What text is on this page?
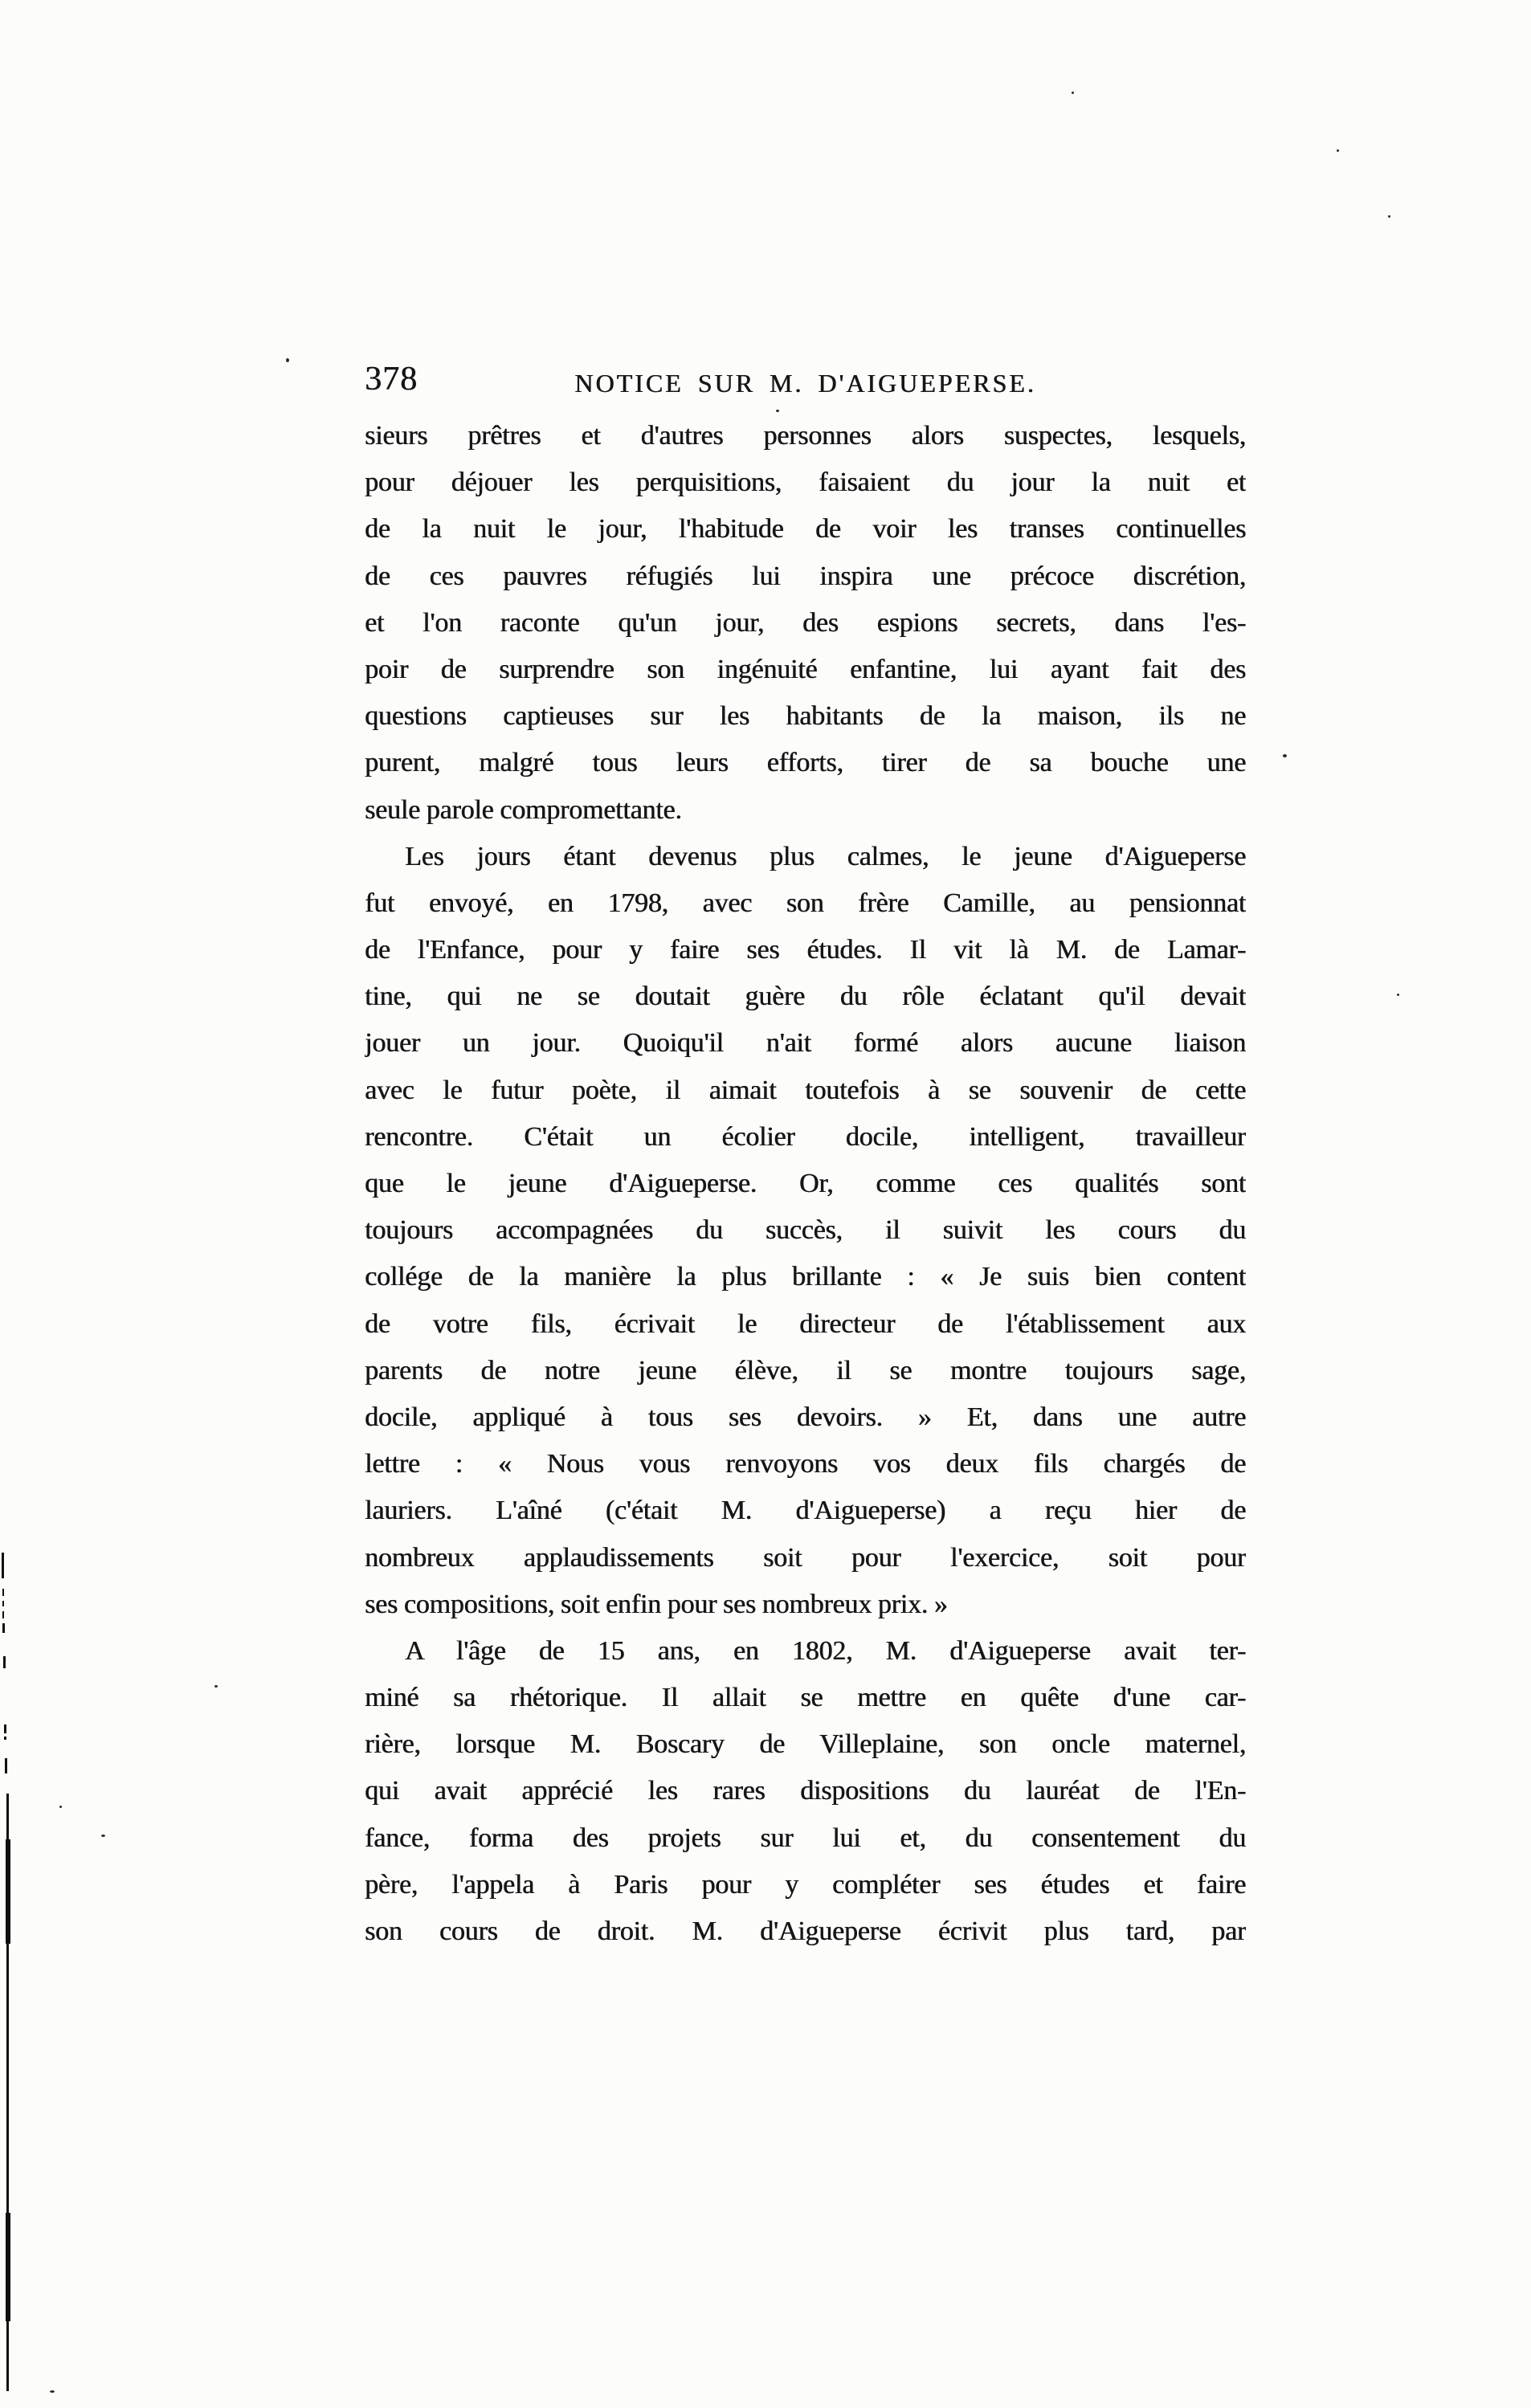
378	NOTICE SUR M. D'AIGUEPERSE.
sieurs prêtres et d'autres personnes alors suspectes, lesquels,
pour déjouer les perquisitions, faisaient du jour la nuit et
de la nuit le jour, l'habitude de voir les transes continuelles
de ces pauvres réfugiés lui inspira une précoce discrétion,
et l'on raconte qu'un jour, des espions secrets, dans l'es-
poir de surprendre son ingénuité enfantine, lui ayant fait des
questions captieuses sur les habitants de la maison, ils ne
purent, malgré tous leurs efforts, tirer de sa bouche une
seule parole compromettante.
Les jours étant devenus plus calmes, le jeune d'Aigueperse
fut envoyé, en 1798, avec son frère Camille, au pensionnat
de l'Enfance, pour y faire ses études. Il vit là M. de Lamar-
tine, qui ne se doutait guère du rôle éclatant qu'il devait
jouer un jour. Quoiqu'il n'ait formé alors aucune liaison
avec le futur poète, il aimait toutefois à se souvenir de cette
rencontre. C'était un écolier docile, intelligent, travailleur
que le jeune d'Aigueperse. Or, comme ces qualités sont
toujours accompagnées du succès, il suivit les cours du
collége de la manière la plus brillante : « Je suis bien content
de votre fils, écrivait le directeur de l'établissement aux
parents de notre jeune élève, il se montre toujours sage,
docile, appliqué à tous ses devoirs. » Et, dans une autre
lettre : « Nous vous renvoyons vos deux fils chargés de
lauriers. L'aîné (c'était M. d'Aigueperse) a reçu hier de
nombreux applaudissements soit pour l'exercice, soit pour
ses compositions, soit enfin pour ses nombreux prix. »
A l'âge de 15 ans, en 1802, M. d'Aigueperse avait ter-
miné sa rhétorique. Il allait se mettre en quête d'une car-
rière, lorsque M. Boscary de Villeplaine, son oncle maternel,
qui avait apprécié les rares dispositions du lauréat de l'En-
fance, forma des projets sur lui et, du consentement du
père, l'appela à Paris pour y compléter ses études et faire
son cours de droit. M. d'Aigueperse écrivit plus tard, par
